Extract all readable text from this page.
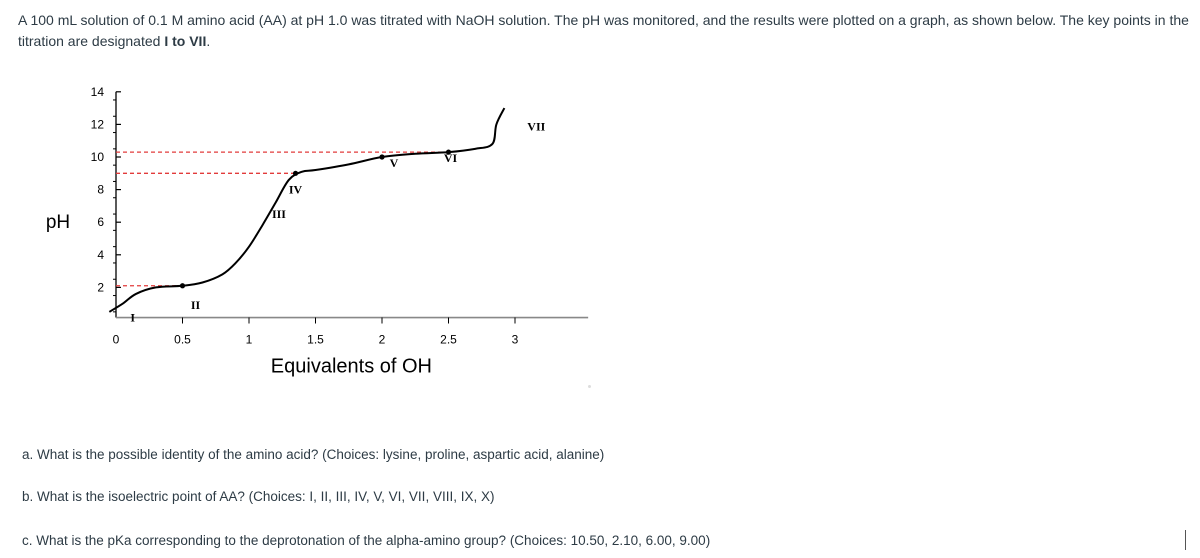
A 100 mL solution of 0.1 M amino acid (AA) at pH 1.0 was titrated with NaOH solution. The pH was monitored, and the results were plotted on a graph, as shown below. The key points in the titration are designated I to VII.
2
4
6
8
10
12
14
0	0.5	1	1.5	2	2.5	3
pH
Equivalents of OH
I
II
III
IV
V	VI
VII
a. What is the possible identity of the amino acid? (Choices: lysine, proline, aspartic acid, alanine)
b. What is the isoelectric point of AA? (Choices: I, II, III, IV, V, VI, VII, VIII, IX, X)
c. What is the pKa corresponding to the deprotonation of the alpha-amino group? (Choices: 10.50, 2.10, 6.00, 9.00)
